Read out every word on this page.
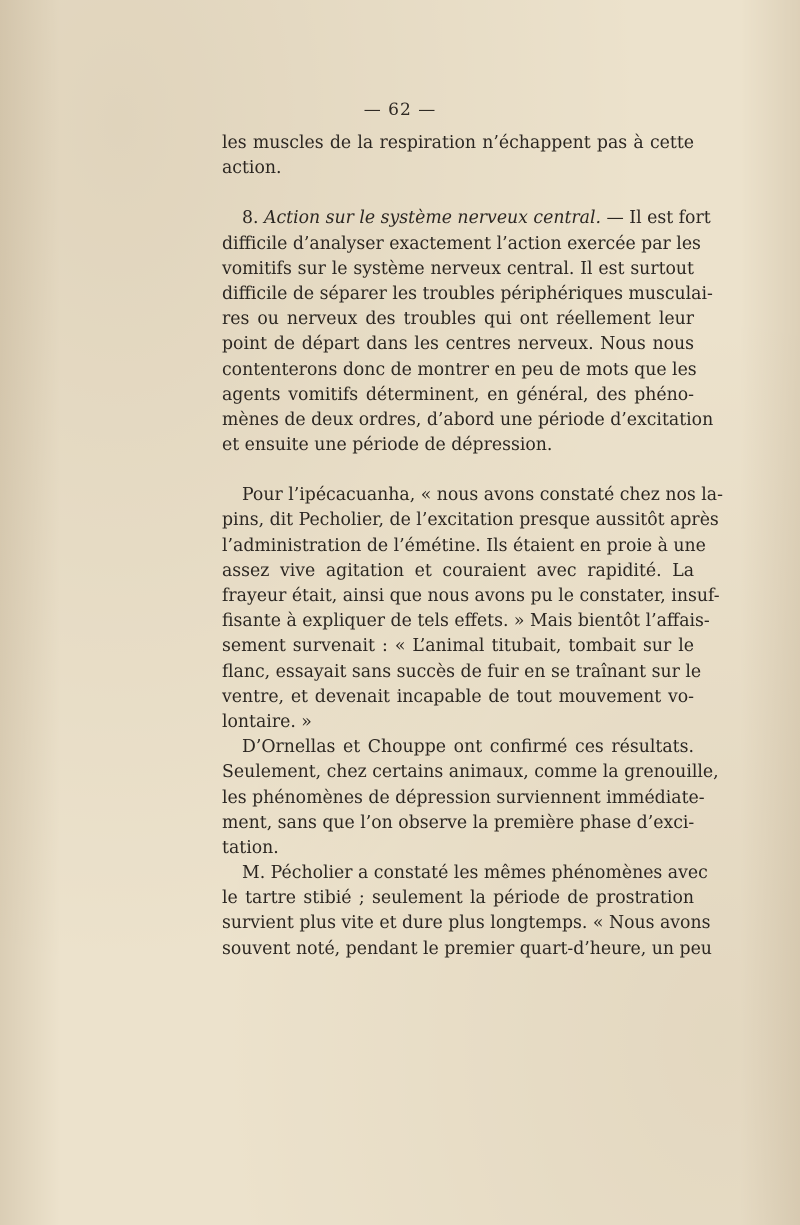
— 62 —
les muscles de la respiration n’échappent pas à cette
action.
8. Action sur le système nerveux central. — Il est fort
difficile d’analyser exactement l’action exercée par les
vomitifs sur le système nerveux central. Il est surtout
difficile de séparer les troubles périphériques musculai-
res ou nerveux des troubles qui ont réellement leur
point de départ dans les centres nerveux. Nous nous
contenterons donc de montrer en peu de mots que les
agents vomitifs déterminent, en général, des phéno-
mènes de deux ordres, d’abord une période d’excitation
et ensuite une période de dépression.
Pour l’ipécacuanha, « nous avons constaté chez nos la-
pins, dit Pecholier, de l’excitation presque aussitôt après
l’administration de l’émétine. Ils étaient en proie à une
assez vive agitation et couraient avec rapidité. La
frayeur était, ainsi que nous avons pu le constater, insuf-
fisante à expliquer de tels effets. » Mais bientôt l’affais-
sement survenait : « L’animal titubait, tombait sur le
flanc, essayait sans succès de fuir en se traînant sur le
ventre, et devenait incapable de tout mouvement vo-
lontaire. »
D’Ornellas et Chouppe ont confirmé ces résultats.
Seulement, chez certains animaux, comme la grenouille,
les phénomènes de dépression surviennent immédiate-
ment, sans que l’on observe la première phase d’exci-
tation.
M. Pécholier a constaté les mêmes phénomènes avec
le tartre stibié ; seulement la période de prostration
survient plus vite et dure plus longtemps. « Nous avons
souvent noté, pendant le premier quart-d’heure, un peu
